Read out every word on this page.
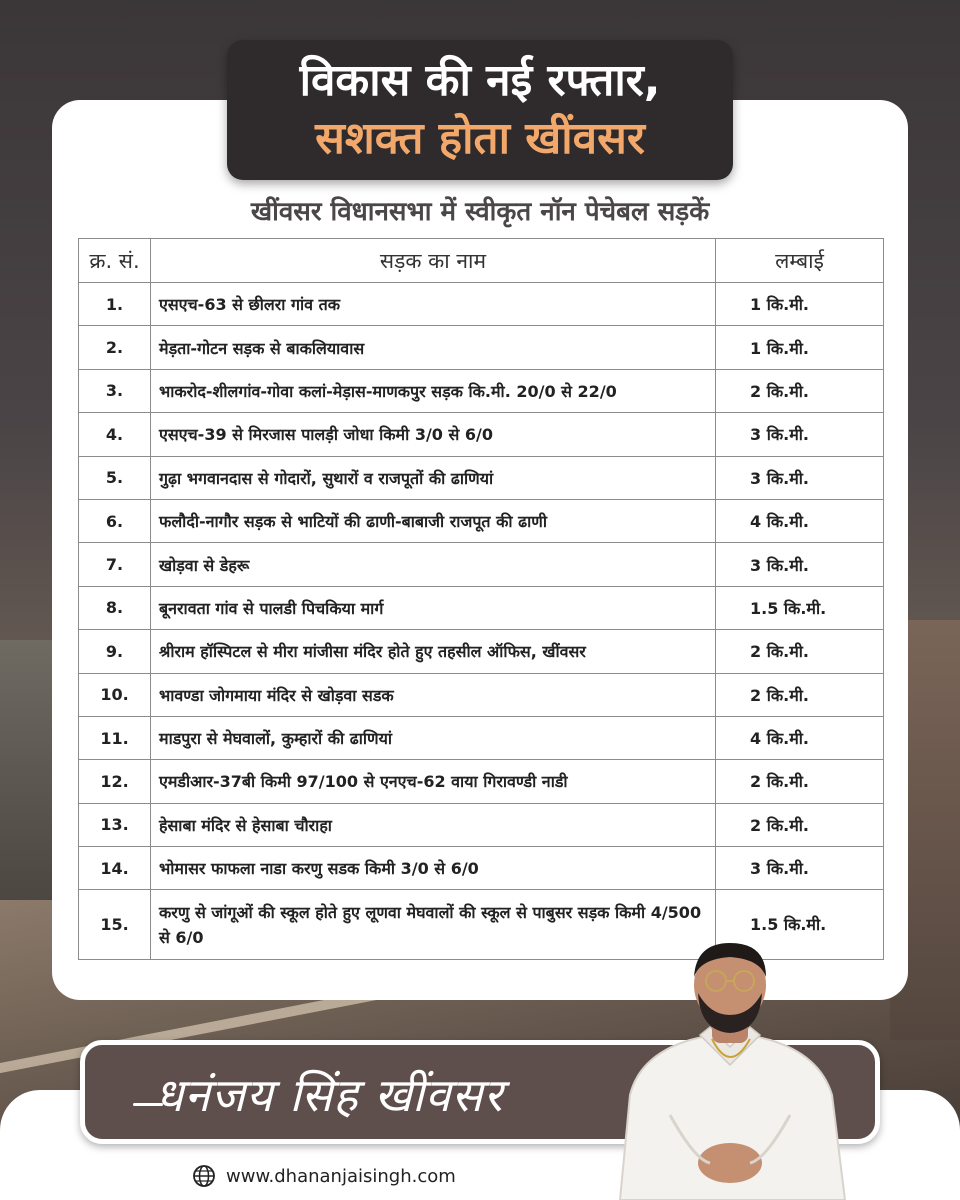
विकास की नई रफ्तार,
सशक्त होता खींवसर
खींवसर विधानसभा में स्वीकृत नॉन पेचेबल सड़कें
क्र. सं.	सड़क का नाम	लम्बाई
1.	एसएच-63 से छीलरा गांव तक	1 कि.मी.
2.	मेड़ता-गोटन सड़क से बाकलियावास	1 कि.मी.
3.	भाकरोद-शीलगांव-गोवा कलां-मेड़ास-माणकपुर सड़क कि.मी. 20/0 से 22/0	2 कि.मी.
4.	एसएच-39 से मिरजास पालड़ी जोधा किमी 3/0 से 6/0	3 कि.मी.
5.	गुढ़ा भगवानदास से गोदारों, सुथारों व राजपूतों की ढाणियां	3 कि.मी.
6.	फलौदी-नागौर सड़क से भाटियों की ढाणी-बाबाजी राजपूत की ढाणी	4 कि.मी.
7.	खोड़वा से डेहरू	3 कि.मी.
8.	बूनरावता गांव से पालडी पिचकिया मार्ग	1.5 कि.मी.
9.	श्रीराम हॉस्पिटल से मीरा मांजीसा मंदिर होते हुए तहसील ऑफिस, खींवसर	2 कि.मी.
10.	भावण्डा जोगमाया मंदिर से खोड़वा सडक	2 कि.मी.
11.	माडपुरा से मेघवालों, कुम्हारों की ढाणियां	4 कि.मी.
12.	एमडीआर-37बी किमी 97/100 से एनएच-62 वाया गिरावण्डी नाडी	2 कि.मी.
13.	हेसाबा मंदिर से हेसाबा चौराहा	2 कि.मी.
14.	भोमासर फाफला नाडा करणु सडक किमी 3/0 से 6/0	3 कि.मी.
15.	करणु से जांगूओं की स्कूल होते हुए लूणवा मेघवालों की स्कूल से पाबुसर सड़क किमी 4/500 से 6/0	1.5 कि.मी.
धनंजय सिंह खींवसर
www.dhananjaisingh.com
